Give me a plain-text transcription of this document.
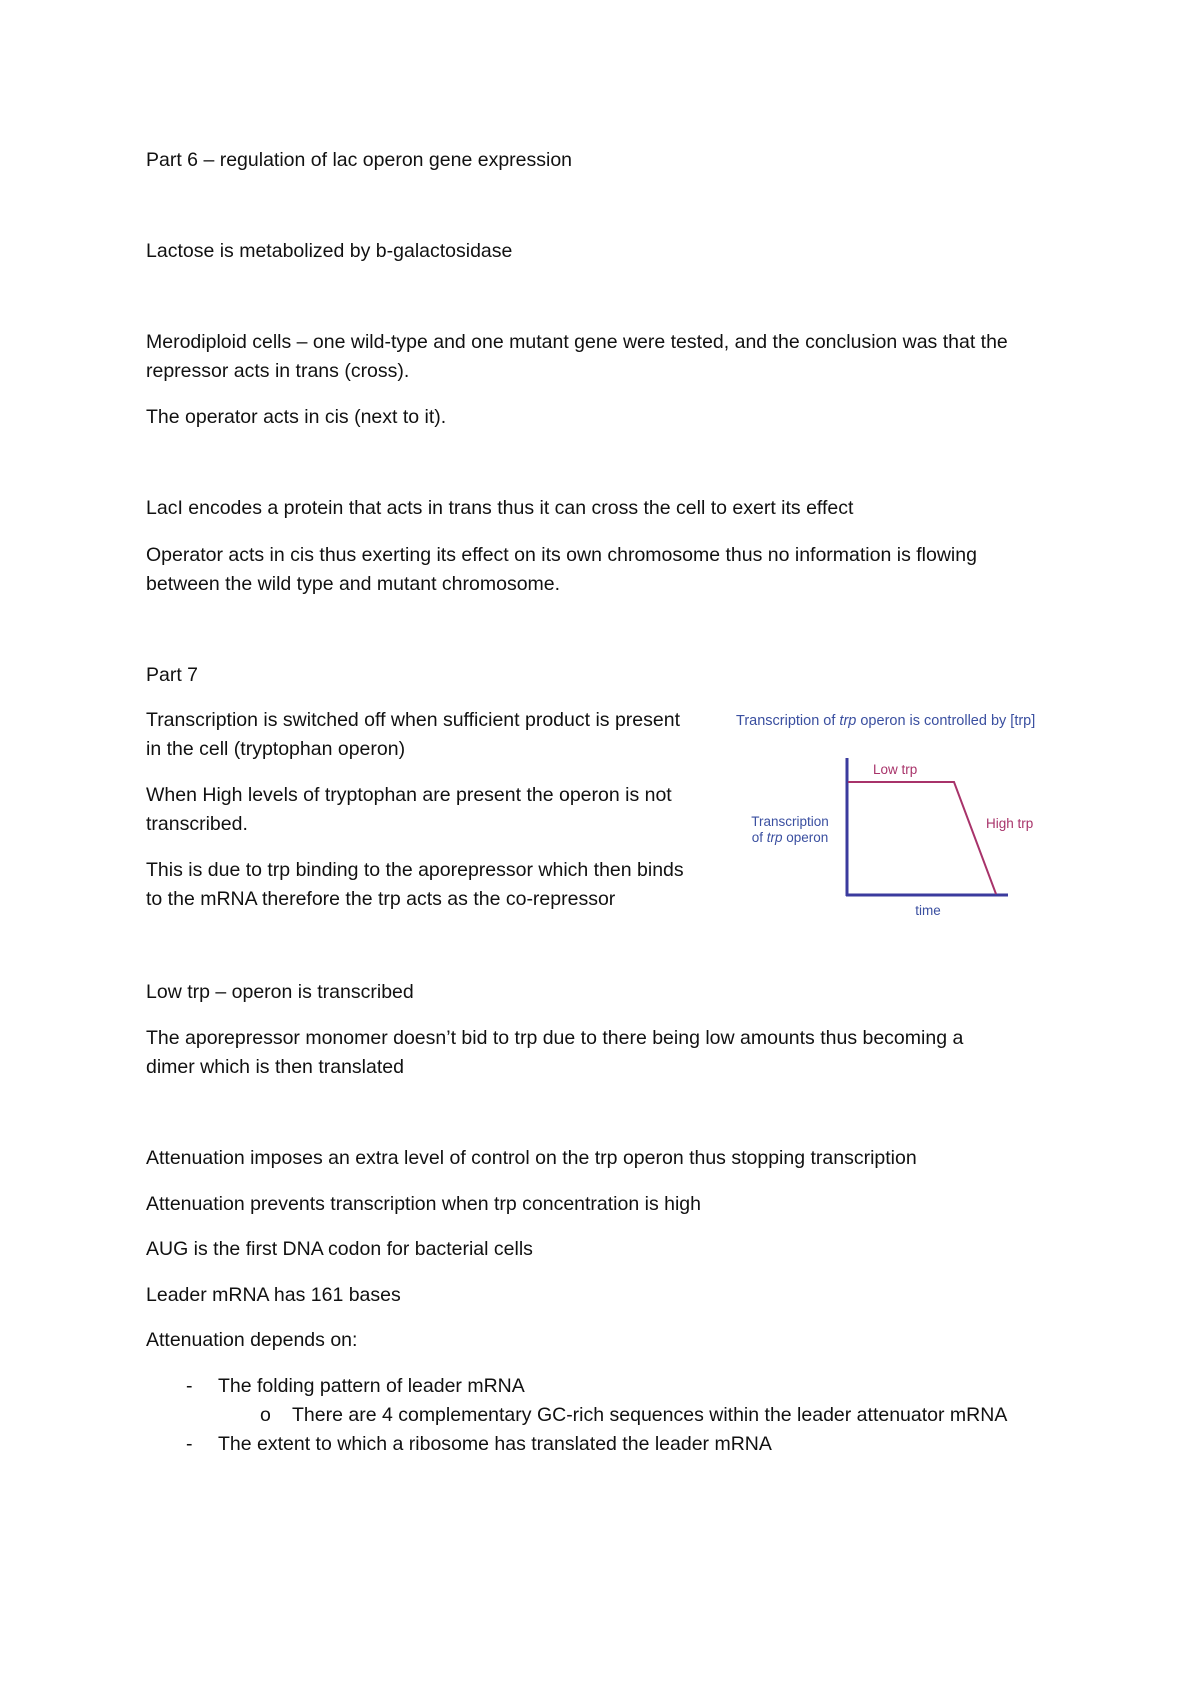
Part 6 – regulation of lac operon gene expression
Lactose is metabolized by b-galactosidase
Merodiploid cells – one wild-type and one mutant gene were tested, and the conclusion was that the
repressor acts in trans (cross).
The operator acts in cis (next to it).
LacI encodes a protein that acts in trans thus it can cross the cell to exert its effect
Operator acts in cis thus exerting its effect on its own chromosome thus no information is flowing
between the wild type and mutant chromosome.
Part 7
Transcription is switched off when sufficient product is present
in the cell (tryptophan operon)
When High levels of tryptophan are present the operon is not
transcribed.
This is due to trp binding to the aporepressor which then binds
to the mRNA therefore the trp acts as the co-repressor
Low trp – operon is transcribed
The aporepressor monomer doesn’t bid to trp due to there being low amounts thus becoming a
dimer which is then translated
Attenuation imposes an extra level of control on the trp operon thus stopping transcription
Attenuation prevents transcription when trp concentration is high
AUG is the first DNA codon for bacterial cells
Leader mRNA has 161 bases
Attenuation depends on:
-	The folding pattern of leader mRNA
o	There are 4 complementary GC-rich sequences within the leader attenuator mRNA
-	The extent to which a ribosome has translated the leader mRNA
Transcription of trp operon is controlled by [trp]
Low trp
High trp
Transcription
of trp operon
time
